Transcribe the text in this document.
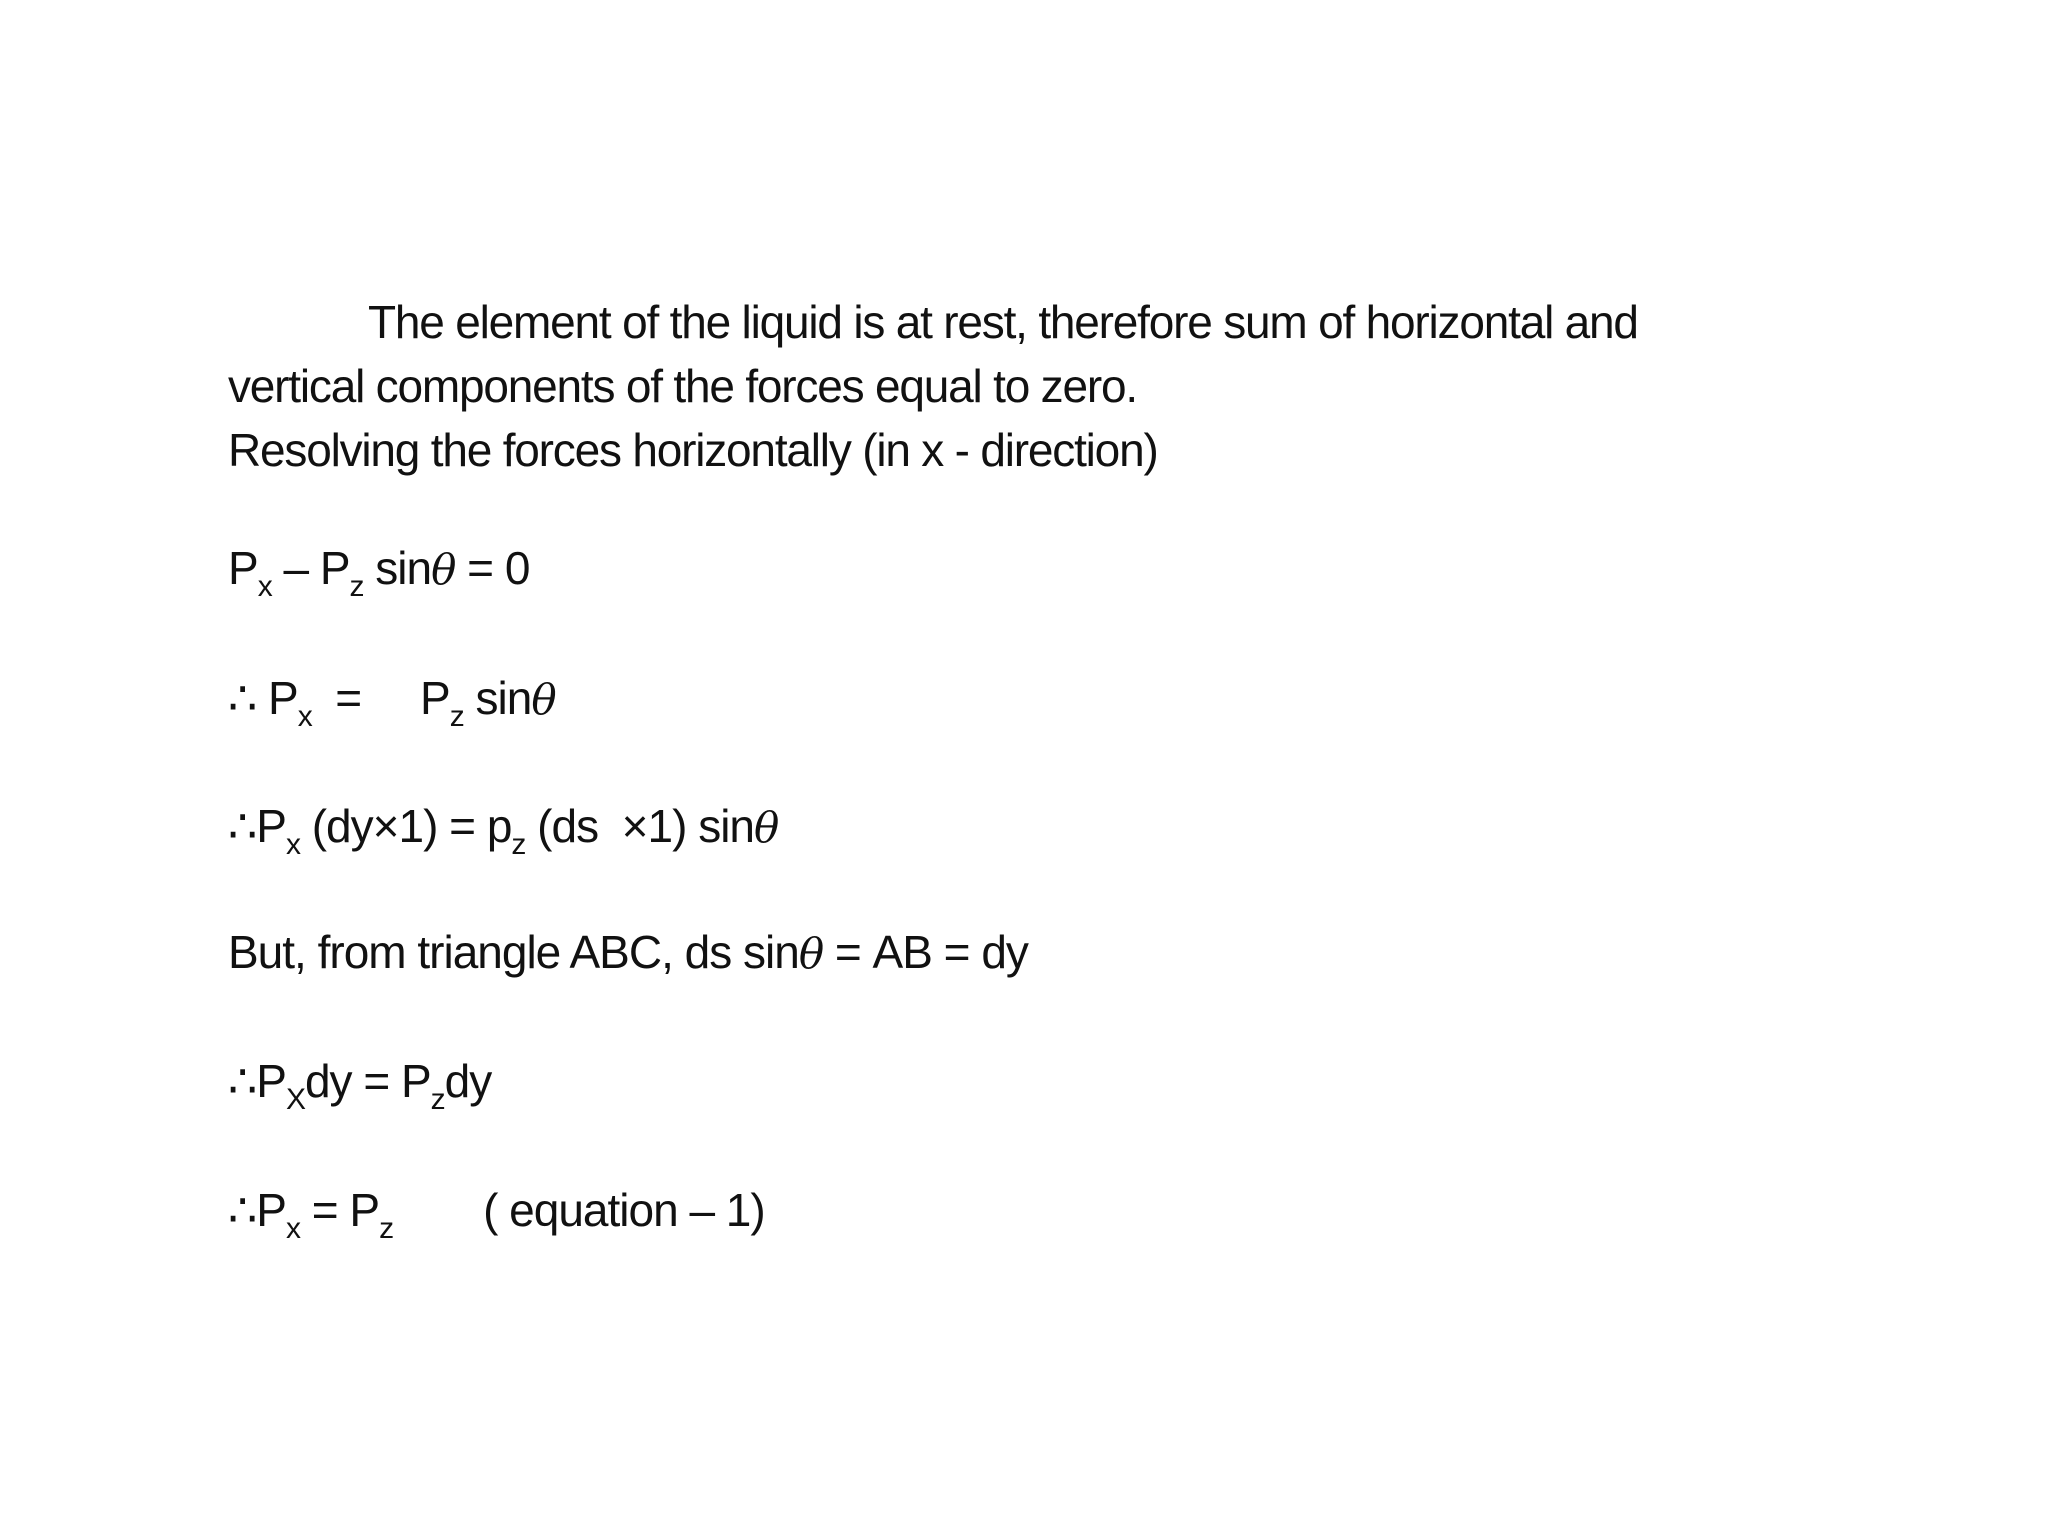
The element of the liquid is at rest, therefore sum of horizontal and

vertical components of the forces equal to zero.

Resolving the forces horizontally (in x - direction)

$P_x - P_z$ sinθ = 0
∴ $P_x$  =     $P_z$ sinθ
$\therefore P_x$ $(dy\times 1) = p_z$ (ds  ×1) sinθ
But, from triangle ABC, ds sinθ = AB = dy
$\therefore P_Xdy = P_zdy$
$\therefore P_x = P_z$ ( equation – 1)
